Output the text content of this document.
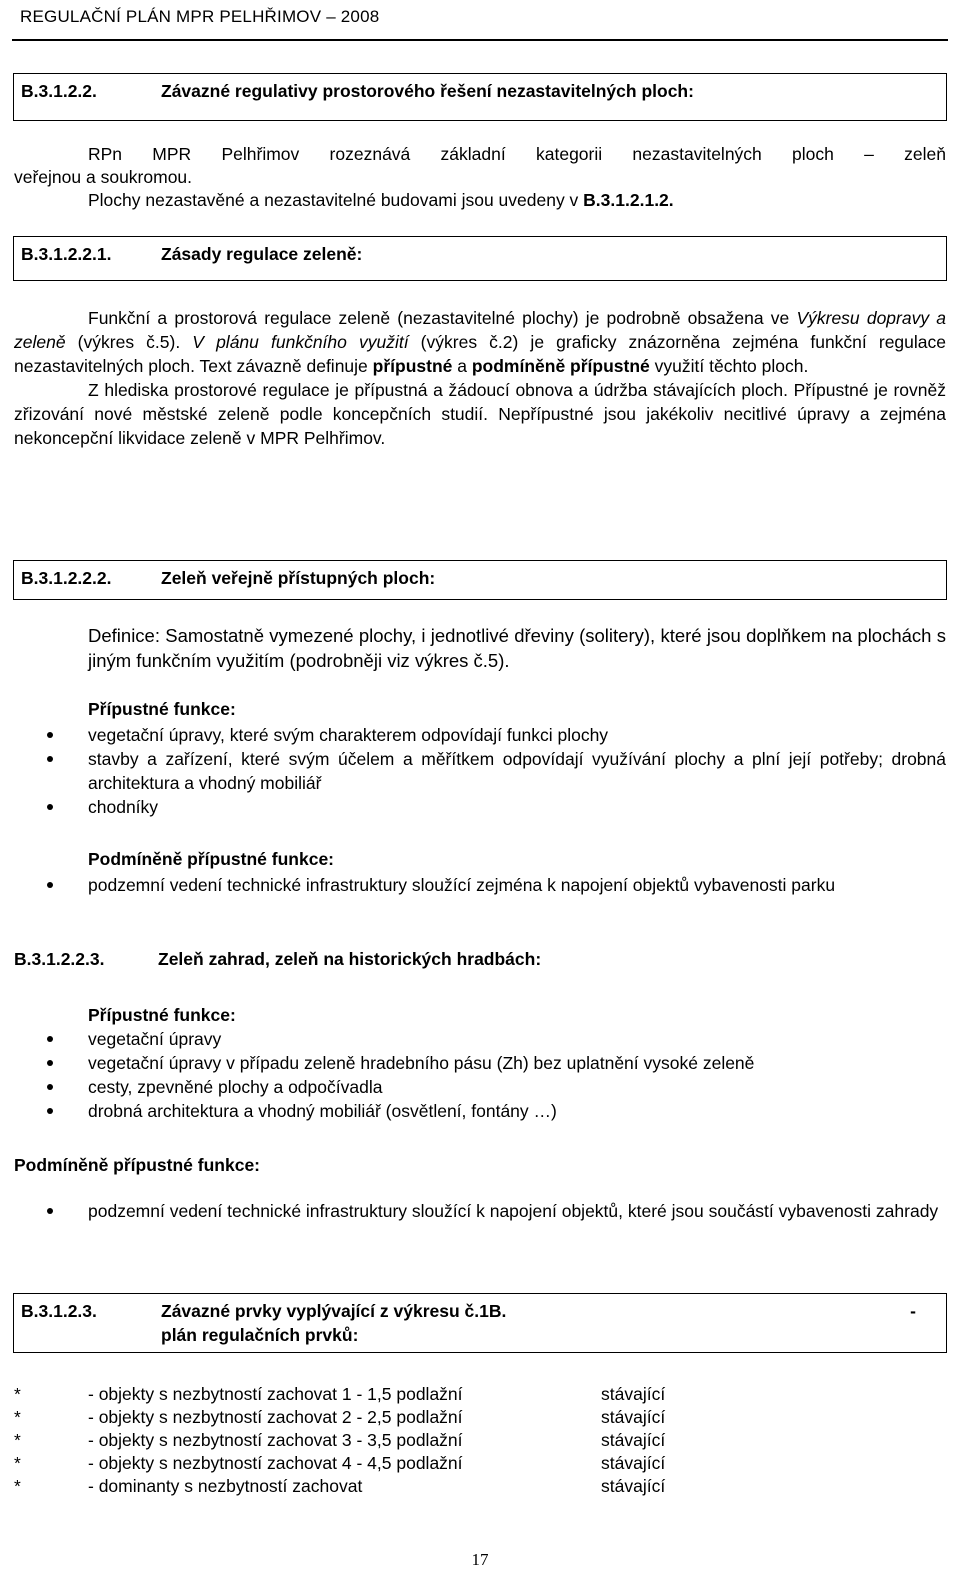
REGULAČNÍ PLÁN MPR PELHŘIMOV – 2008
B.3.1.2.2.	Závazné regulativy prostorového řešení nezastavitelných ploch:

RPn MPR Pelhřimov rozeznává základní kategorii nezastavitelných ploch – zeleň

veřejnou a soukromou.

Plochy nezastavěné a nezastavitelné budovami jsou uvedeny v B.3.1.2.1.2.

B.3.1.2.2.1.	Zásady regulace zeleně:

Funkční a prostorová regulace zeleně (nezastavitelné plochy) je podrobně obsažena ve Výkresu dopravy a zeleně (výkres č.5). V plánu funkčního využití (výkres č.2) je graficky znázorněna zejména funkční regulace nezastavitelných ploch. Text závazně definuje přípustné a podmíněně přípustné využití těchto ploch.

Z hlediska prostorové regulace je přípustná a žádoucí obnova a údržba stávajících ploch. Přípustné je rovněž zřizování nové městské zeleně podle koncepčních studií. Nepřípustné jsou jakékoliv necitlivé úpravy a zejména nekoncepční likvidace zeleně v MPR Pelhřimov.

B.3.1.2.2.2.	Zeleň veřejně přístupných ploch:

Definice: Samostatně vymezené plochy, i jednotlivé dřeviny (solitery), které jsou doplňkem na plochách s jiným funkčním využitím (podrobněji viz výkres č.5).

Přípustné funkce:
vegetační úpravy, které svým charakterem odpovídají funkci plochy
stavby a zařízení, které svým účelem a měřítkem odpovídají využívání plochy a plní její potřeby; drobná architektura a vhodný mobiliář
chodníky
Podmíněně přípustné funkce:
podzemní vedení technické infrastruktury sloužící zejména k napojení objektů vybavenosti parku
B.3.1.2.2.3.	Zeleň zahrad, zeleň na historických hradbách:
Přípustné funkce:
vegetační úpravy
vegetační úpravy v případu zeleně hradebního pásu (Zh) bez uplatnění vysoké zeleně
cesty, zpevněné plochy a odpočívadla
drobná architektura a vhodný mobiliář (osvětlení, fontány …)
Podmíněně přípustné funkce:
podzemní vedení technické infrastruktury sloužící k napojení objektů, které jsou součástí vybavenosti zahrady
B.3.1.2.3.	Závazné prvky vyplývající z výkresu č.1B.	-
plán regulačních prvků:
*	- objekty s nezbytností zachovat 1 - 1,5 podlažní	stávající
*	- objekty s nezbytností zachovat 2 - 2,5 podlažní	stávající
*	- objekty s nezbytností zachovat 3 - 3,5 podlažní	stávající
*	- objekty s nezbytností zachovat 4 - 4,5 podlažní	stávající
*	- dominanty s nezbytností zachovat	stávající
17
